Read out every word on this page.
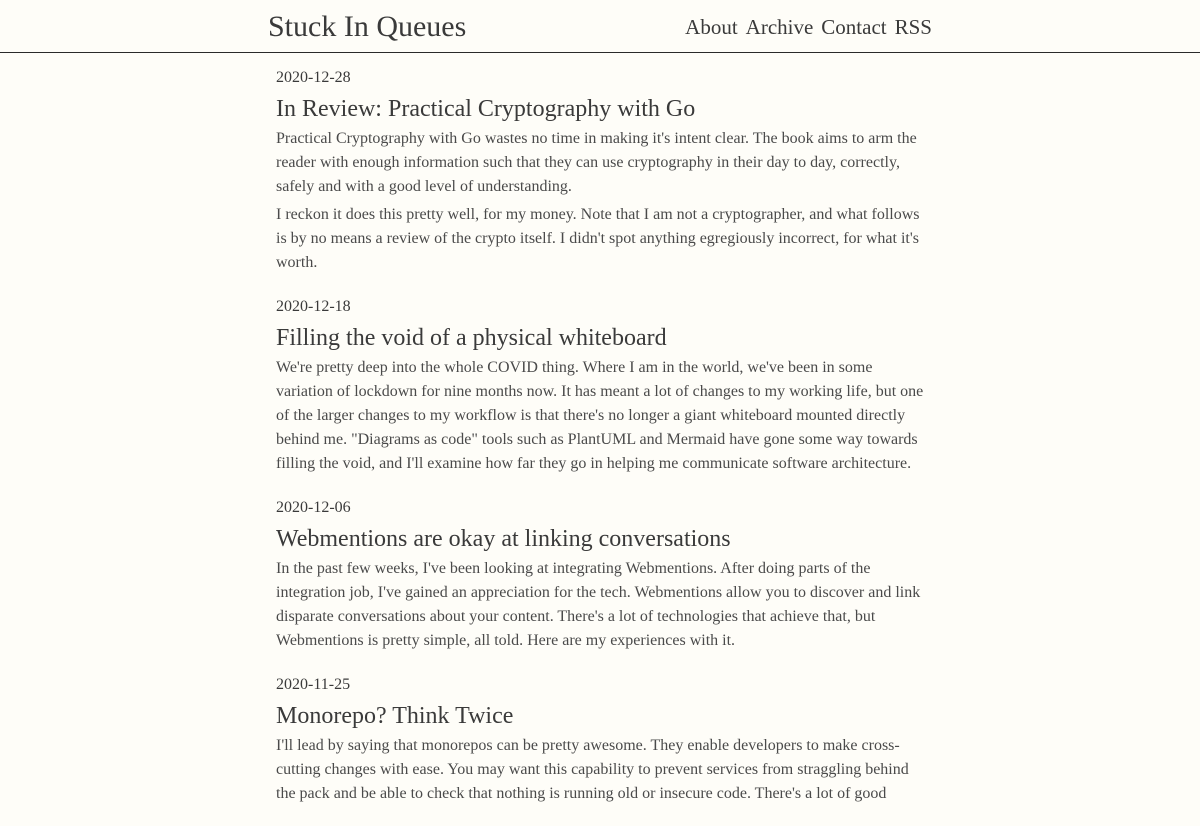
Stuck In Queues	About Archive Contact RSS

2020-12-28

In Review: Practical Cryptography with Go

Practical Cryptography with Go wastes no time in making it's intent clear. The book aims to arm the reader with enough information such that they can use cryptography in their day to day, correctly, safely and with a good level of understanding.

I reckon it does this pretty well, for my money. Note that I am not a cryptographer, and what follows is by no means a review of the crypto itself. I didn't spot anything egregiously incorrect, for what it's worth.

2020-12-18

Filling the void of a physical whiteboard

We're pretty deep into the whole COVID thing. Where I am in the world, we've been in some variation of lockdown for nine months now. It has meant a lot of changes to my working life, but one of the larger changes to my workflow is that there's no longer a giant whiteboard mounted directly behind me. "Diagrams as code" tools such as PlantUML and Mermaid have gone some way towards filling the void, and I'll examine how far they go in helping me communicate software architecture.

2020-12-06

Webmentions are okay at linking conversations

In the past few weeks, I've been looking at integrating Webmentions. After doing parts of the integration job, I've gained an appreciation for the tech. Webmentions allow you to discover and link disparate conversations about your content. There's a lot of technologies that achieve that, but Webmentions is pretty simple, all told. Here are my experiences with it.

2020-11-25

Monorepo? Think Twice

I'll lead by saying that monorepos can be pretty awesome. They enable developers to make cross-cutting changes with ease. You may want this capability to prevent services from straggling behind the pack and be able to check that nothing is running old or insecure code. There's a lot of good
